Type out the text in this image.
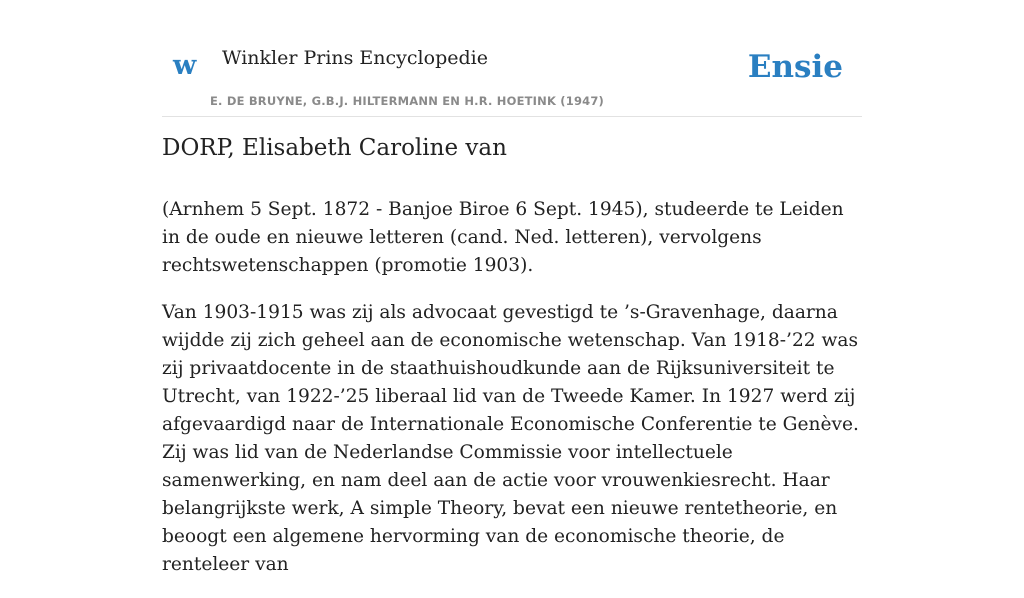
w Winkler Prins Encyclopedie
E. DE BRUYNE, G.B.J. HILTERMANN EN H.R. HOETINK (1947)
Ensie
DORP, Elisabeth Caroline van

(Arnhem 5 Sept. 1872 - Banjoe Biroe 6 Sept. 1945), studeerde te Leiden in de oude en nieuwe letteren (cand. Ned. letteren), vervolgens rechtswetenschappen (promotie 1903).

Van 1903-1915 was zij als advocaat gevestigd te ’s-Gravenhage, daarna wijdde zij zich geheel aan de economische wetenschap. Van 1918-’22 was zij privaatdocente in de staathuishoudkunde aan de Rijksuniversiteit te Utrecht, van 1922-’25 liberaal lid van de Tweede Kamer. In 1927 werd zij afgevaardigd naar de Internationale Economische Conferentie te Genève. Zij was lid van de Nederlandse Commissie voor intellectuele samenwerking, en nam deel aan de actie voor vrouwenkiesrecht. Haar belangrijkste werk, A simple Theory, bevat een nieuwe rentetheorie, en beoogt een algemene hervorming van de economische theorie, de renteleer van
